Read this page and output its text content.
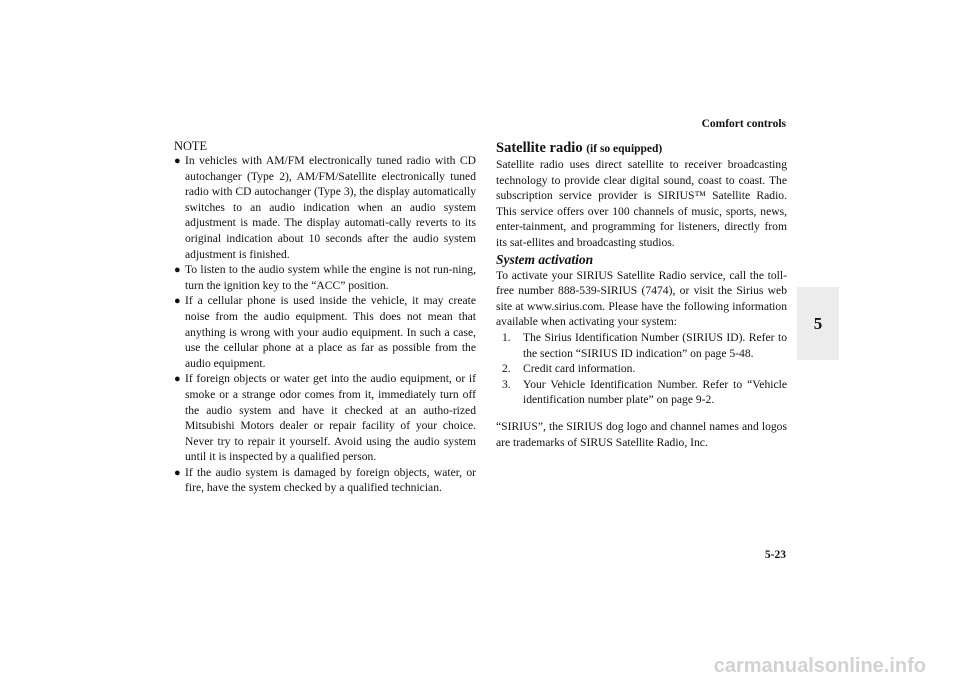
Comfort controls
5

NOTE

● In vehicles with AM/FM electronically tuned radio with CD autochanger (Type 2), AM/FM/Satellite electronically tuned radio with CD autochanger (Type 3), the display automatically switches to an audio indication when an audio system adjustment is made. The display automati-cally reverts to its original indication about 10 seconds after the audio system adjustment is finished.
● To listen to the audio system while the engine is not run-ning, turn the ignition key to the “ACC” position.
● If a cellular phone is used inside the vehicle, it may create noise from the audio equipment. This does not mean that anything is wrong with your audio equipment. In such a case, use the cellular phone at a place as far as possible from the audio equipment.
● If foreign objects or water get into the audio equipment, or if smoke or a strange odor comes from it, immediately turn off the audio system and have it checked at an autho-rized Mitsubishi Motors dealer or repair facility of your choice. Never try to repair it yourself. Avoid using the audio system until it is inspected by a qualified person.
● If the audio system is damaged by foreign objects, water, or fire, have the system checked by a qualified technician.
Satellite radio (if so equipped)

Satellite radio uses direct satellite to receiver broadcasting technology to provide clear digital sound, coast to coast. The subscription service provider is SIRIUS™ Satellite Radio. This service offers over 100 channels of music, sports, news, enter-tainment, and programming for listeners, directly from its sat-ellites and broadcasting studios.

System activation

To activate your SIRIUS Satellite Radio service, call the toll-free number 888-539-SIRIUS (7474), or visit the Sirius web site at www.sirius.com. Please have the following information available when activating your system:

1. The Sirius Identification Number (SIRIUS ID). Refer to the section “SIRIUS ID indication” on page 5-48.
2. Credit card information.
3. Your Vehicle Identification Number. Refer to “Vehicle identification number plate” on page 9-2.

“SIRIUS”, the SIRIUS dog logo and channel names and logos are trademarks of SIRUS Satellite Radio, Inc.

5-23
carmanualsonline.info
